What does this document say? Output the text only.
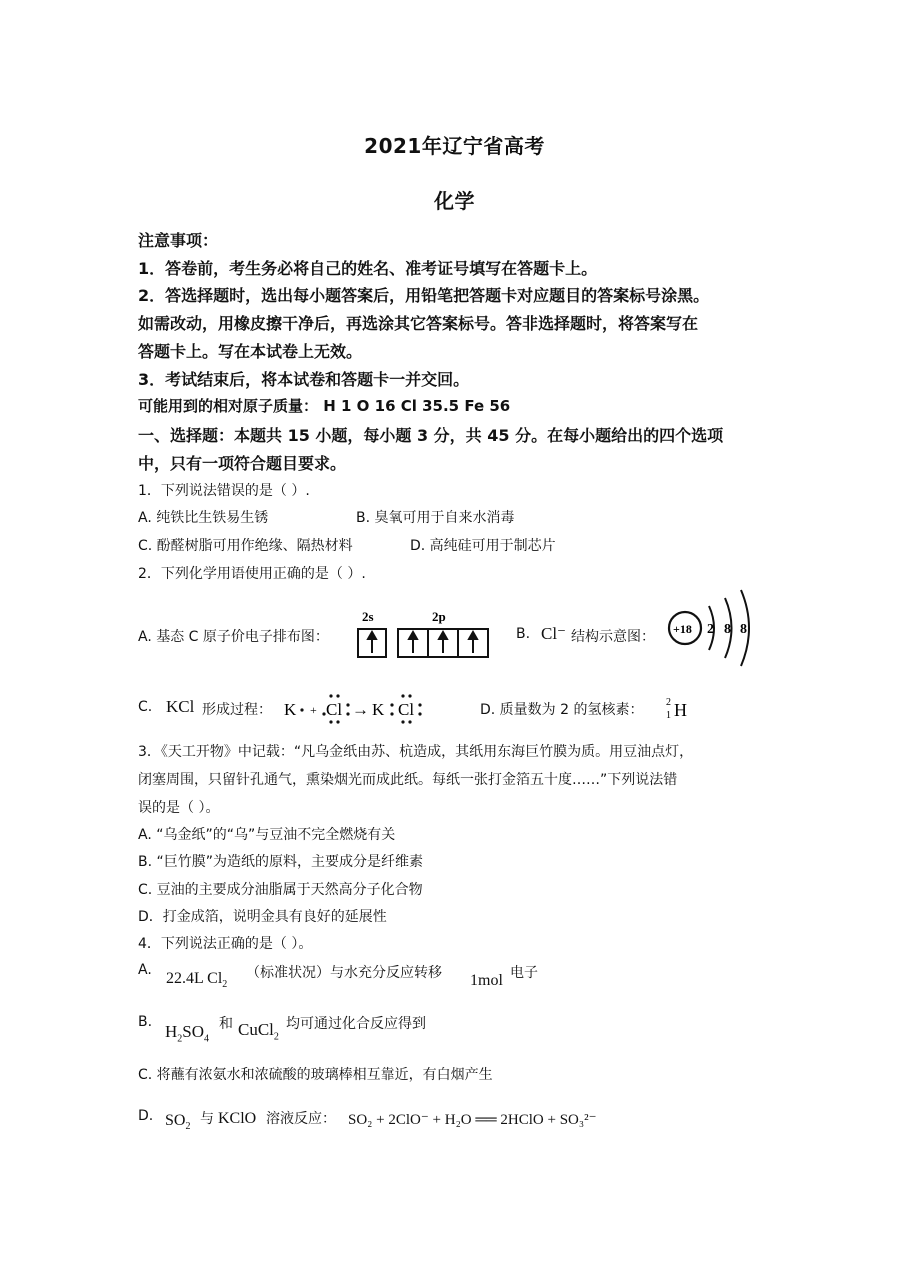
2021年辽宁省高考
化学
注意事项：
1．答卷前，考生务必将自己的姓名、准考证号填写在答题卡上。
2．答选择题时，选出每小题答案后，用铅笔把答题卡对应题目的答案标号涂黑。
如需改动，用橡皮擦干净后，再选涂其它答案标号。答非选择题时，将答案写在
答题卡上。写在本试卷上无效。
3．考试结束后，将本试卷和答题卡一并交回。
可能用到的相对原子质量： H 1 O 16 Cl 35.5 Fe 56
一、选择题：本题共 15 小题，每小题 3 分，共 45 分。在每小题给出的四个选项
中，只有一项符合题目要求。
1．下列说法错误的是（ ）.
A. 纯铁比生铁易生锈	B. 臭氧可用于自来水消毒
C. 酚醛树脂可用作绝缘、隔热材料	D. 高纯硅可用于制芯片
2．下列化学用语使用正确的是（ ）.
A. 基态 C 原子价电子排布图：
2s	2p
B. Cl⁻ 结构示意图： +18 2 8 8
C. KCl 形成过程： K + Cl → K Cl	D. 质量数为 2 的氢核素： 2
1 H
3．《天工开物》中记载：“凡乌金纸由苏、杭造成，其纸用东海巨竹膜为质。用豆油点灯，
闭塞周围，只留针孔通气，熏染烟光而成此纸。每纸一张打金箔五十度……”下列说法错
误的是（ ）。
A. “乌金纸”的“乌”与豆油不完全燃烧有关
B. “巨竹膜”为造纸的原料，主要成分是纤维素
C. 豆油的主要成分油脂属于天然高分子化合物
D．打金成箔，说明金具有良好的延展性
4．下列说法正确的是（ ）。
A. 22.4L $Cl_2$
（标准状况）与水充分反应转移 1mol 电子
B. $H_2SO_4$
和 CuCl$_2$
均可通过化合反应得到
C. 将蘸有浓氨水和浓硫酸的玻璃棒相互靠近，有白烟产生
D. $SO_2$ 与 KClO 溶液反应： SO₂ + 2ClO⁻ + H₂O ══ 2HClO + SO₃²⁻
